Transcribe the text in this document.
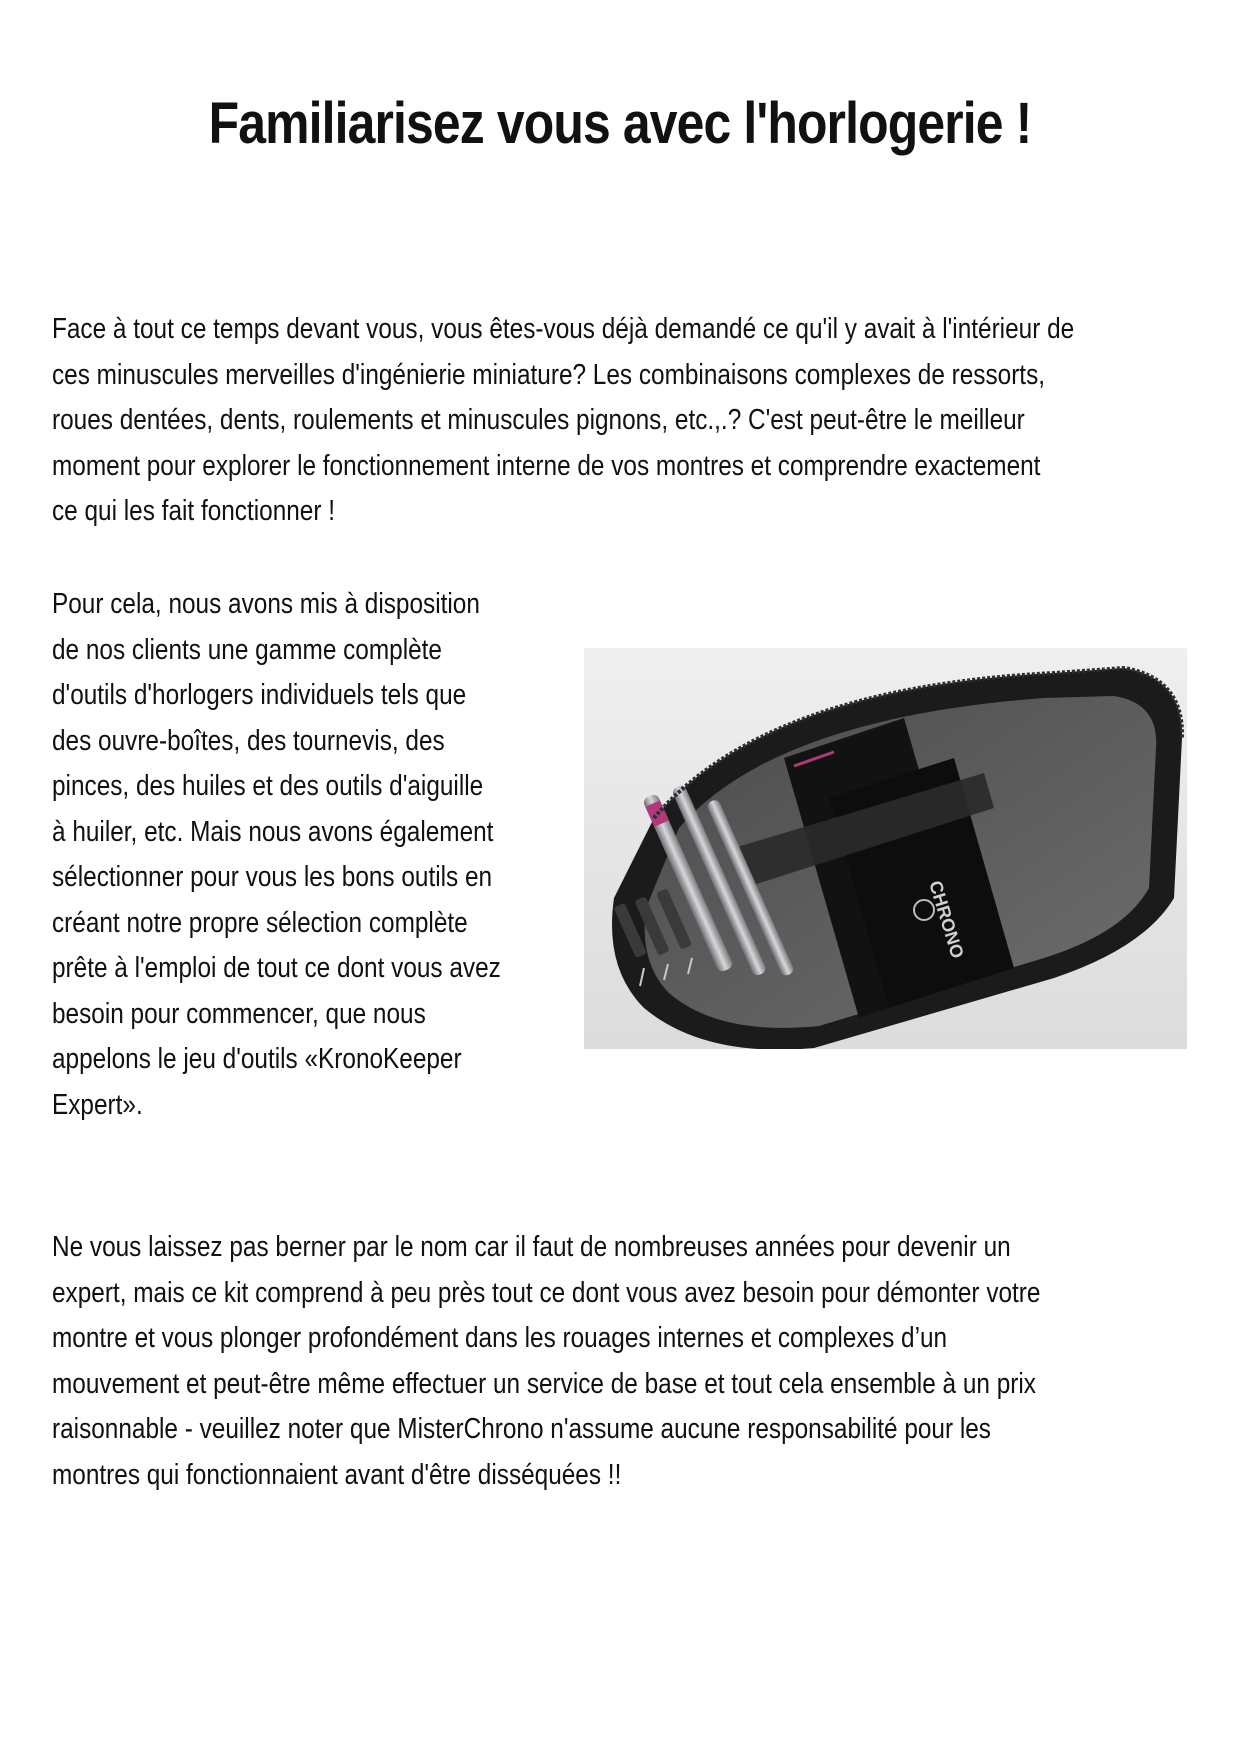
Familiarisez vous avec l'horlogerie !

Face à tout ce temps devant vous, vous êtes-vous déjà demandé ce qu'il y avait à l'intérieur de
ces minuscules merveilles d'ingénierie miniature? Les combinaisons complexes de ressorts,
roues dentées, dents, roulements et minuscules pignons, etc.,.? C'est peut-être le meilleur
moment pour explorer le fonctionnement interne de vos montres et comprendre exactement
ce qui les fait fonctionner !

Pour cela, nous avons mis à disposition
de nos clients une gamme complète
d'outils d'horlogers individuels tels que
des ouvre-boîtes, des tournevis, des
pinces, des huiles et des outils d'aiguille
à huiler, etc. Mais nous avons également
sélectionner pour vous les bons outils en
créant notre propre sélection complète
prête à l'emploi de tout ce dont vous avez
besoin pour commencer, que nous
appelons le jeu d'outils «KronoKeeper
Expert».

CHRONO

Ne vous laissez pas berner par le nom car il faut de nombreuses années pour devenir un
expert, mais ce kit comprend à peu près tout ce dont vous avez besoin pour démonter votre
montre et vous plonger profondément dans les rouages internes et complexes d’un
mouvement et peut-être même effectuer un service de base et tout cela ensemble à un prix
raisonnable - veuillez noter que MisterChrono n'assume aucune responsabilité pour les
montres qui fonctionnaient avant d'être disséquées !!
